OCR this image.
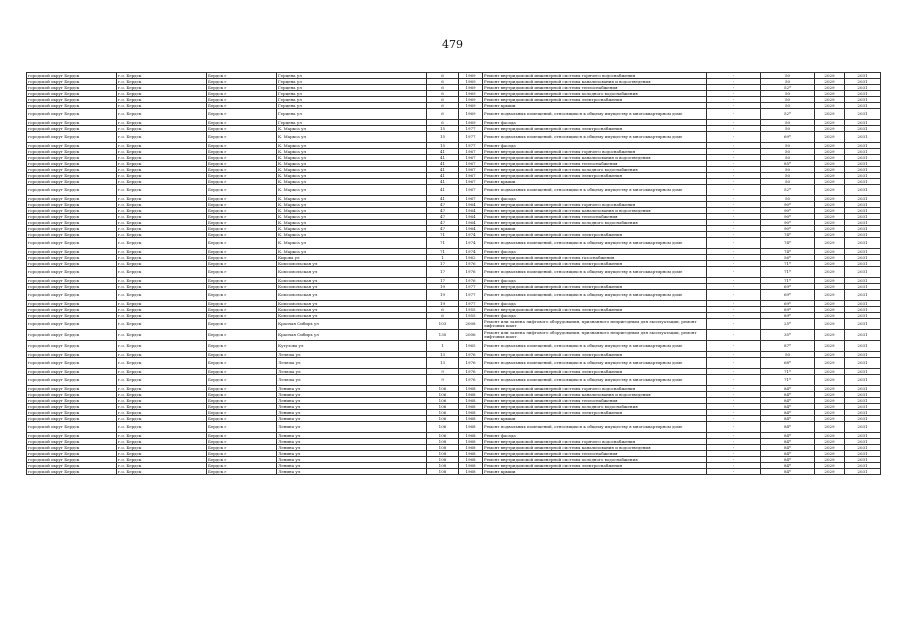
479
городской округ Бердск	г.о. Бердск	Бердск г	Герцена ул	6	1969	Ремонт внутридомовой инженерной системы горячего водоснабжения	-	50	2029	2031
городской округ Бердск	г.о. Бердск	Бердск г	Герцена ул	6	1969	Ремонт внутридомовой инженерной системы канализования и водоотведения	-	50	2029	2031
городской округ Бердск	г.о. Бердск	Бердск г	Герцена ул	6	1969	Ремонт внутридомовой инженерной системы теплоснабжения	-	52*	2029	2031
городской округ Бердск	г.о. Бердск	Бердск г	Герцена ул	6	1969	Ремонт внутридомовой инженерной системы холодного водоснабжения	-	50	2029	2031
городской округ Бердск	г.о. Бердск	Бердск г	Герцена ул	6	1969	Ремонт внутридомовой инженерной системы электроснабжения	-	50	2029	2031
городской округ Бердск	г.о. Бердск	Бердск г	Герцена ул	6	1969	Ремонт крыши	-	50	2029	2031
городской округ Бердск	г.о. Бердск	Бердск г	Герцена ул	6	1969	Ремонт подвальных помещений, относящихся к общему имуществу в многоквартирном доме	-	52*	2029	2031
городской округ Бердск	г.о. Бердск	Бердск г	Герцена ул	6	1969	Ремонт фасада	-	50	2029	2031
городской округ Бердск	г.о. Бердск	Бердск г	К. Маркса ул	15	1977	Ремонт внутридомовой инженерной системы электроснабжения	-	50	2029	2031
городской округ Бердск	г.о. Бердск	Бердск г	К. Маркса ул	15	1977	Ремонт подвальных помещений, относящихся к общему имуществу в многоквартирном доме	-	69*	2029	2031
городской округ Бердск	г.о. Бердск	Бердск г	К. Маркса ул	15	1977	Ремонт фасада	-	50	2029	2031
городской округ Бердск	г.о. Бердск	Бердск г	К. Маркса ул	41	1967	Ремонт внутридомовой инженерной системы горячего водоснабжения	-	50	2029	2031
городской округ Бердск	г.о. Бердск	Бердск г	К. Маркса ул	41	1967	Ремонт внутридомовой инженерной системы канализования и водоотведения	-	50	2029	2031
городской округ Бердск	г.о. Бердск	Бердск г	К. Маркса ул	41	1967	Ремонт внутридомовой инженерной системы теплоснабжения	-	85*	2029	2031
городской округ Бердск	г.о. Бердск	Бердск г	К. Маркса ул	41	1967	Ремонт внутридомовой инженерной системы холодного водоснабжения	-	50	2029	2031
городской округ Бердск	г.о. Бердск	Бердск г	К. Маркса ул	41	1967	Ремонт внутридомовой инженерной системы электроснабжения	-	50	2029	2031
городской округ Бердск	г.о. Бердск	Бердск г	К. Маркса ул	41	1967	Ремонт крыши	-	50	2029	2031
городской округ Бердск	г.о. Бердск	Бердск г	К. Маркса ул	41	1967	Ремонт подвальных помещений, относящихся к общему имуществу в многоквартирном доме	-	52*	2029	2031
городской округ Бердск	г.о. Бердск	Бердск г	К. Маркса ул	41	1967	Ремонт фасада	-	50	2029	2031
городской округ Бердск	г.о. Бердск	Бердск г	К. Маркса ул	47	1964	Ремонт внутридомовой инженерной системы горячего водоснабжения	-	90*	2029	2031
городской округ Бердск	г.о. Бердск	Бердск г	К. Маркса ул	47	1964	Ремонт внутридомовой инженерной системы канализования и водоотведения	-	90*	2029	2031
городской округ Бердск	г.о. Бердск	Бердск г	К. Маркса ул	47	1964	Ремонт внутридомовой инженерной системы теплоснабжения	-	90*	2029	2031
городской округ Бердск	г.о. Бердск	Бердск г	К. Маркса ул	47	1964	Ремонт внутридомовой инженерной системы холодного водоснабжения	-	90*	2029	2031
городской округ Бердск	г.о. Бердск	Бердск г	К. Маркса ул	47	1964	Ремонт крыши	-	90*	2029	2031
городской округ Бердск	г.о. Бердск	Бердск г	К. Маркса ул	71	1974	Ремонт внутридомовой инженерной системы электроснабжения	-	74*	2029	2031
городской округ Бердск	г.о. Бердск	Бердск г	К. Маркса ул	71	1974	Ремонт подвальных помещений, относящихся к общему имуществу в многоквартирном доме	-	74*	2029	2031
городской округ Бердск	г.о. Бердск	Бердск г	К. Маркса ул	71	1974	Ремонт фасада	-	74*	2029	2031
городской округ Бердск	г.о. Бердск	Бердск г	Кирова ул	1	1962	Ремонт внутридомовой инженерной системы газоснабжения	-	56*	2029	2031
городской округ Бердск	г.о. Бердск	Бердск г	Комсомольская ул	17	1976	Ремонт внутридомовой инженерной системы электроснабжения	-	71*	2029	2031
городской округ Бердск	г.о. Бердск	Бердск г	Комсомольская ул	17	1976	Ремонт подвальных помещений, относящихся к общему имуществу в многоквартирном доме	-	71*	2029	2031
городской округ Бердск	г.о. Бердск	Бердск г	Комсомольская ул	17	1976	Ремонт фасада	-	71*	2029	2031
городской округ Бердск	г.о. Бердск	Бердск г	Комсомольская ул	19	1977	Ремонт внутридомовой инженерной системы электроснабжения	-	69*	2029	2031
городской округ Бердск	г.о. Бердск	Бердск г	Комсомольская ул	19	1977	Ремонт подвальных помещений, относящихся к общему имуществу в многоквартирном доме	-	69*	2029	2031
городской округ Бердск	г.о. Бердск	Бердск г	Комсомольская ул	19	1977	Ремонт фасада	-	69*	2029	2031
городской округ Бердск	г.о. Бердск	Бердск г	Комсомольская ул	6	1955	Ремонт внутридомовой инженерной системы электроснабжения	-	89*	2029	2031
городской округ Бердск	г.о. Бердск	Бердск г	Комсомольская ул	6	1955	Ремонт фасада	-	89*	2029	2031
городской округ Бердск	г.о. Бердск	Бердск г	Красная Сибирь ул	103	2008	Ремонт или замена лифтового оборудования, признанного непригодным для эксплуатации, ремонт лифтовых шахт	-	25*	2029	2031
городской округ Бердск	г.о. Бердск	Бердск г	Красная Сибирь ул	130	2006	Ремонт или замена лифтового оборудования, признанного непригодным для эксплуатации, ремонт лифтовых шахт	-	35*	2029	2031
городской округ Бердск	г.о. Бердск	Бердск г	Кутузова ул	1	1965	Ремонт подвальных помещений, относящихся к общему имуществу в многоквартирном доме	-	87*	2029	2031
городской округ Бердск	г.о. Бердск	Бердск г	Лелюха ул	13	1976	Ремонт внутридомовой инженерной системы электроснабжения	-	50	2029	2031
городской округ Бердск	г.о. Бердск	Бердск г	Лелюха ул	13	1976	Ремонт подвальных помещений, относящихся к общему имуществу в многоквартирном доме	-	68*	2029	2031
городской округ Бердск	г.о. Бердск	Бердск г	Лелюха ул	9	1976	Ремонт внутридомовой инженерной системы электроснабжения	-	71*	2029	2031
городской округ Бердск	г.о. Бердск	Бердск г	Лелюха ул	9	1976	Ремонт подвальных помещений, относящихся к общему имуществу в многоквартирном доме	-	71*	2029	2031
городской округ Бердск	г.о. Бердск	Бердск г	Ленина ул	106	1968	Ремонт внутридомовой инженерной системы горячего водоснабжения	-	84*	2029	2031
городской округ Бердск	г.о. Бердск	Бердск г	Ленина ул	106	1968	Ремонт внутридомовой инженерной системы канализования и водоотведения	-	84*	2029	2031
городской округ Бердск	г.о. Бердск	Бердск г	Ленина ул	106	1968	Ремонт внутридомовой инженерной системы теплоснабжения	-	84*	2029	2031
городской округ Бердск	г.о. Бердск	Бердск г	Ленина ул	106	1968	Ремонт внутридомовой инженерной системы холодного водоснабжения	-	84*	2029	2031
городской округ Бердск	г.о. Бердск	Бердск г	Ленина ул	106	1968	Ремонт внутридомовой инженерной системы электроснабжения	-	84*	2029	2031
городской округ Бердск	г.о. Бердск	Бердск г	Ленина ул	106	1968	Ремонт крыши	-	84*	2029	2031
городской округ Бердск	г.о. Бердск	Бердск г	Ленина ул	106	1968	Ремонт подвальных помещений, относящихся к общему имуществу в многоквартирном доме	-	84*	2029	2031
городской округ Бердск	г.о. Бердск	Бердск г	Ленина ул	106	1968	Ремонт фасада	-	84*	2029	2031
городской округ Бердск	г.о. Бердск	Бердск г	Ленина ул	108	1968	Ремонт внутридомовой инженерной системы горячего водоснабжения	-	84*	2029	2031
городской округ Бердск	г.о. Бердск	Бердск г	Ленина ул	108	1968	Ремонт внутридомовой инженерной системы канализования и водоотведения	-	84*	2029	2031
городской округ Бердск	г.о. Бердск	Бердск г	Ленина ул	108	1968	Ремонт внутридомовой инженерной системы теплоснабжения	-	84*	2029	2031
городской округ Бердск	г.о. Бердск	Бердск г	Ленина ул	108	1968	Ремонт внутридомовой инженерной системы холодного водоснабжения	-	84*	2029	2031
городской округ Бердск	г.о. Бердск	Бердск г	Ленина ул	108	1968	Ремонт внутридомовой инженерной системы электроснабжения	-	84*	2029	2031
городской округ Бердск	г.о. Бердск	Бердск г	Ленина ул	108	1968	Ремонт крыши	-	84*	2029	2031
